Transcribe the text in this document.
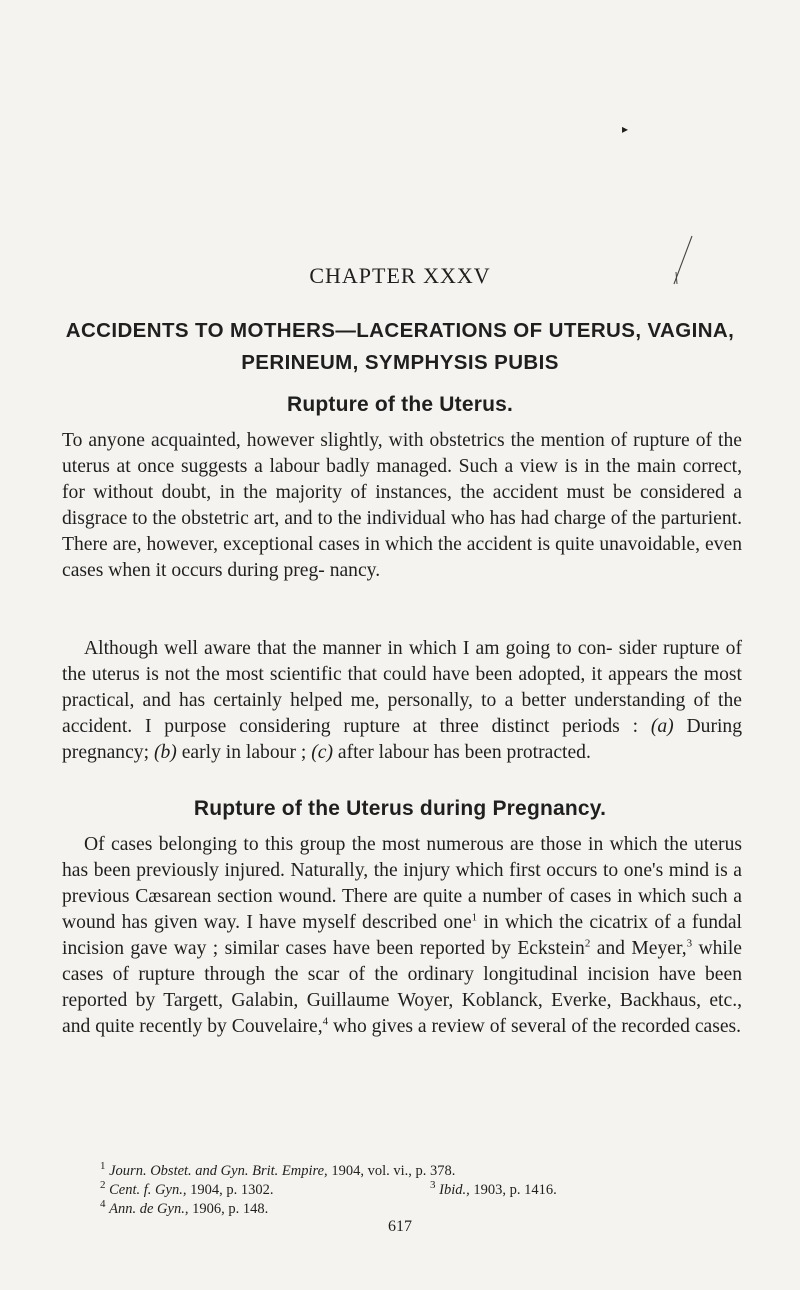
▸
CHAPTER XXXV
ACCIDENTS TO MOTHERS—LACERATIONS OF UTERUS, VAGINA,
PERINEUM, SYMPHYSIS PUBIS
Rupture of the Uterus.

To anyone acquainted, however slightly, with obstetrics the mention of rupture of the uterus at once suggests a labour badly managed. Such a view is in the main correct, for without doubt, in the majority of instances, the accident must be considered a disgrace to the obstetric art, and to the individual who has had charge of the parturient. There are, however, exceptional cases in which the accident is quite unavoidable, even cases when it occurs during preg- nancy.

Although well aware that the manner in which I am going to con- sider rupture of the uterus is not the most scientific that could have been adopted, it appears the most practical, and has certainly helped me, personally, to a better understanding of the accident. I purpose considering rupture at three distinct periods : (a) During pregnancy; (b) early in labour ; (c) after labour has been protracted.

Rupture of the Uterus during Pregnancy.

Of cases belonging to this group the most numerous are those in which the uterus has been previously injured. Naturally, the injury which first occurs to one's mind is a previous Cæsarean section wound. There are quite a number of cases in which such a wound has given way. I have myself described one$^1$ in which the cicatrix of a fundal incision gave way ; similar cases have been reported by Eckstein$^2$ and Meyer,$^3$ while cases of rupture through the scar of the ordinary longitudinal incision have been reported by Targett, Galabin, Guillaume Woyer, Koblanck, Everke, Backhaus, etc., and quite recently by Couvelaire,$^4$ who gives a review of several of the recorded cases.

$^1$ Journ. Obstet. and Gyn. Brit. Empire, 1904, vol. vi., p. 378.
$^2$ Cent. f. Gyn., 1904, p. 1302.	$^3$ Ibid., 1903, p. 1416.
$^4$ Ann. de Gyn., 1906, p. 148.
617
